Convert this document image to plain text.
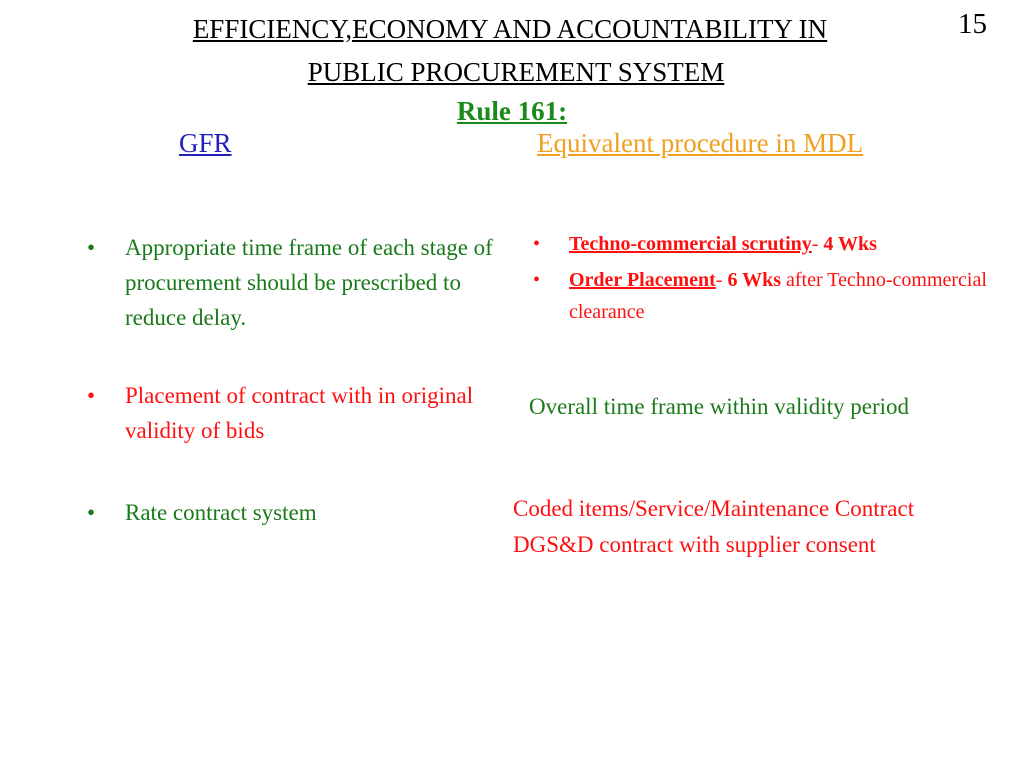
EFFICIENCY,ECONOMY AND ACCOUNTABILITY IN
PUBLIC PROCUREMENT SYSTEM
15
Rule 161:
GFR	Equivalent procedure in MDL
• Appropriate time frame of each stage of procurement should be prescribed to reduce delay.
• Placement of contract with in original validity of bids
• Rate contract system
• Techno-commercial scrutiny- 4 Wks
• Order Placement- 6 Wks after Techno-commercial clearance
Overall time frame within validity period
Coded items/Service/Maintenance Contract
DGS&D contract with supplier consent
